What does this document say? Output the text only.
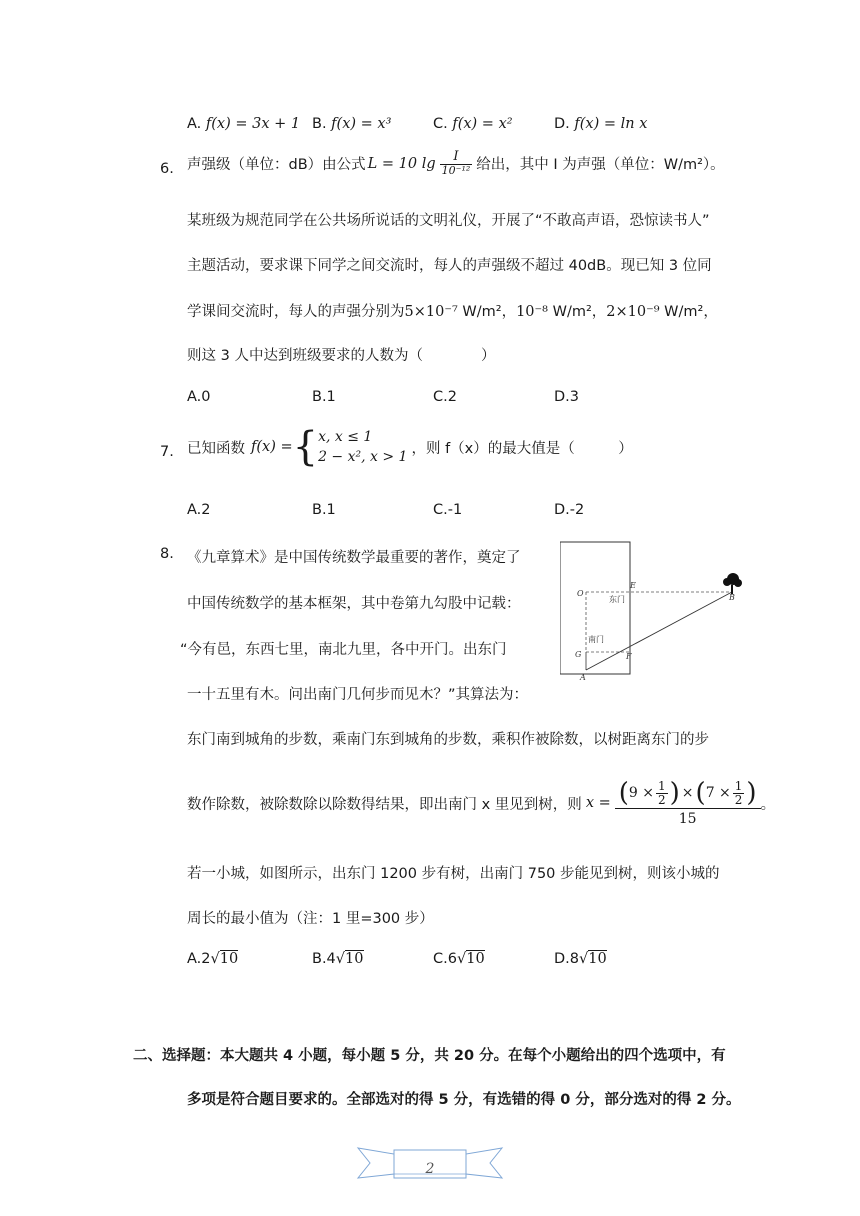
A. f(x) = 3x + 1 B. f(x) = x³	C. f(x) = x²	D. f(x) = ln x
6. 声强级（单位：dB）由公式 L = 10 $\lg \frac{I}{\text{10⁻¹²}}$ 给出，其中 I 为声强（单位：W/m²）。
某班级为规范同学在公共场所说话的文明礼仪，开展了“不敢高声语，恐惊读书人”
主题活动，要求课下同学之间交流时，每人的声强级不超过 40dB。现已知 3 位同
学课间交流时，每人的声强分别为5×10⁻⁷ W/m²，10⁻⁸ W/m²，2×10⁻⁹ W/m²，
则这 3 人中达到班级要求的人数为（　　　　）
A.0	B.1	C.2	D.3
7. 已知函数 f(x) = { x, x ≤ 1
2 − x², x > 1
，则 f（x）的最大值是（　　　）
A.2	B.1	C.-1	D.-2
8. 《九章算术》是中国传统数学最重要的著作，奠定了
中国传统数学的基本框架，其中卷第九勾股中记载：
“今有邑，东西七里，南北九里，各中开门。出东门
一十五里有木。问出南门几何步而见木？”其算法为：
东门南到城角的步数，乘南门东到城角的步数，乘积作被除数，以树距离东门的步
数作除数，被除数除以除数得结果，即出南门 x 里见到树，则 x = ( $9 \times \frac{1}{2}$ ) × ( $7 \times \frac{1}{2}$ )
15
。
若一小城，如图所示，出东门 1200 步有树，出南门 750 步能见到树，则该小城的
周长的最小值为（注：1 里=300 步）
A.2√10	B.4√10	C.6√10	D.8√10
O
E
东门	B
南门
G	F
A
二、选择题：本大题共 4 小题，每小题 5 分，共 20 分。在每个小题给出的四个选项中，有
多项是符合题目要求的。全部选对的得 5 分，有选错的得 0 分，部分选对的得 2 分。
2
